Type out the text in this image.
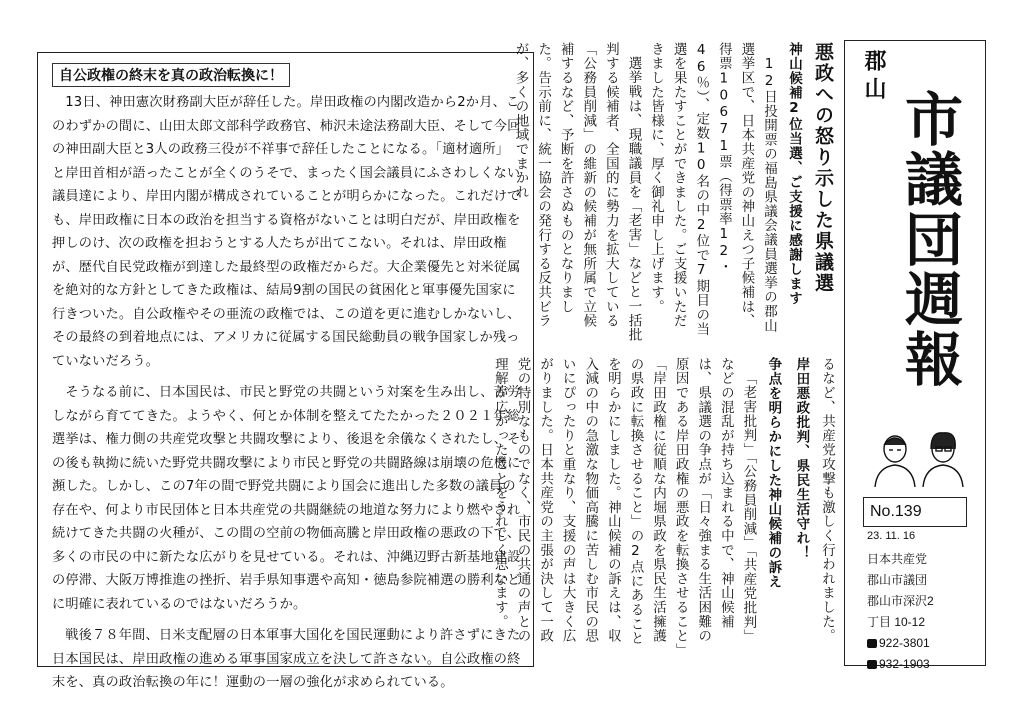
自公政権の終末を真の政治転換に！

13日、神田憲次財務副大臣が辞任した。岸田政権の内閣改造から2か月、このわずかの間に、山田太郎文部科学政務官、柿沢未途法務副大臣、そして今回の神田副大臣と3人の政務三役が不祥事で辞任したことになる。「適材適所」と岸田首相が語ったことが全くのうそで、まったく国会議員にふさわしくない議員達により、岸田内閣が構成されていることが明らかになった。これだけでも、岸田政権に日本の政治を担当する資格がないことは明白だが、岸田政権を押しのけ、次の政権を担おうとする人たちが出てこない。それは、岸田政権が、歴代自民党政権が到達した最終型の政権だからだ。大企業優先と対米従属を絶対的な方針としてきた政権は、結局9割の国民の貧困化と軍事優先国家に行きついた。自公政権やその亜流の政権では、この道を更に進むしかないし、その最終の到着地点には、アメリカに従属する国民総動員の戦争国家しか残っていないだろう。

そうなる前に、日本国民は、市民と野党の共闘という対案を生み出し、苦労しながら育ててきた。ようやく、何とか体制を整えてたたかった２０２１年総選挙は、権力側の共産党攻撃と共闘攻撃により、後退を余儀なくされたし、その後も執拗に続いた野党共闘攻撃により市民と野党の共闘路線は崩壊の危機に瀕した。しかし、この7年の間で野党共闘により国会に進出した多数の議員の存在や、何より市民団体と日本共産党の共闘継続の地道な努力により燃やされ続けてきた共闘の火種が、この間の空前の物価高騰と岸田政権の悪政の下で、多くの市民の中に新たな広がりを見せている。それは、沖縄辺野古新基地建設の停滞、大阪万博推進の挫折、岩手県知事選や高知・徳島参院補選の勝利などに明確に表れているのではないだろうか。

戦後７８年間、日米支配層の日本軍事大国化を国民運動により許さずにきた日本国民は、岸田政権の進める軍事国家成立を決して許さない。自公政権の終末を、真の政治転換の年に！運動の一層の強化が求められている。

悪政への怒り示した県議選
神山候補2位当選、ご支援に感謝します
12日投開票の福島県議会議員選挙の郡山選挙区で、日本共産党の神山えつ子候補は、得票10671票（得票率12・46％）、定数10名の中2位で7期目の当選を果たすことができました。ご支援いただきました皆様に、厚く御礼申し上げます。
選挙戦は、現職議員を「老害」などと一括批判する候補者、全国的に勢力を拡大している「公務員削減」の維新の候補が無所属で立候補するなど、予断を許さぬものとなりました。告示前に、統一協会の発行する反共ビラが、多くの地域でまかれ
るなど、共産党攻撃も激しく行われました。
岸田悪政批判、県民生活守れ！
争点を明らかにした神山候補の訴え
「老害批判」「公務員削減」「共産党批判」などの混乱が持ち込まれる中で、神山候補は、県議選の争点が「日々強まる生活困難の原因である岸田政権の悪政を転換させること」「岸田政権に従順な内堀県政を県民生活擁護の県政に転換させること」の2点にあることを明らかにしました。神山候補の訴えは、収入減の中の急激な物価高騰に苦しむ市民の思いにぴったりと重なり、支援の声は大きく広がりました。日本共産党の主張が決して一政党の特別なものでなく、市民の共通の声との理解が広がったことをうれしく思います。
郡山
市議団週報
No.139
23. 11. 16
日本共産党
郡山市議団
郡山市深沢2
丁目 10-12
922-3801
932-1903
